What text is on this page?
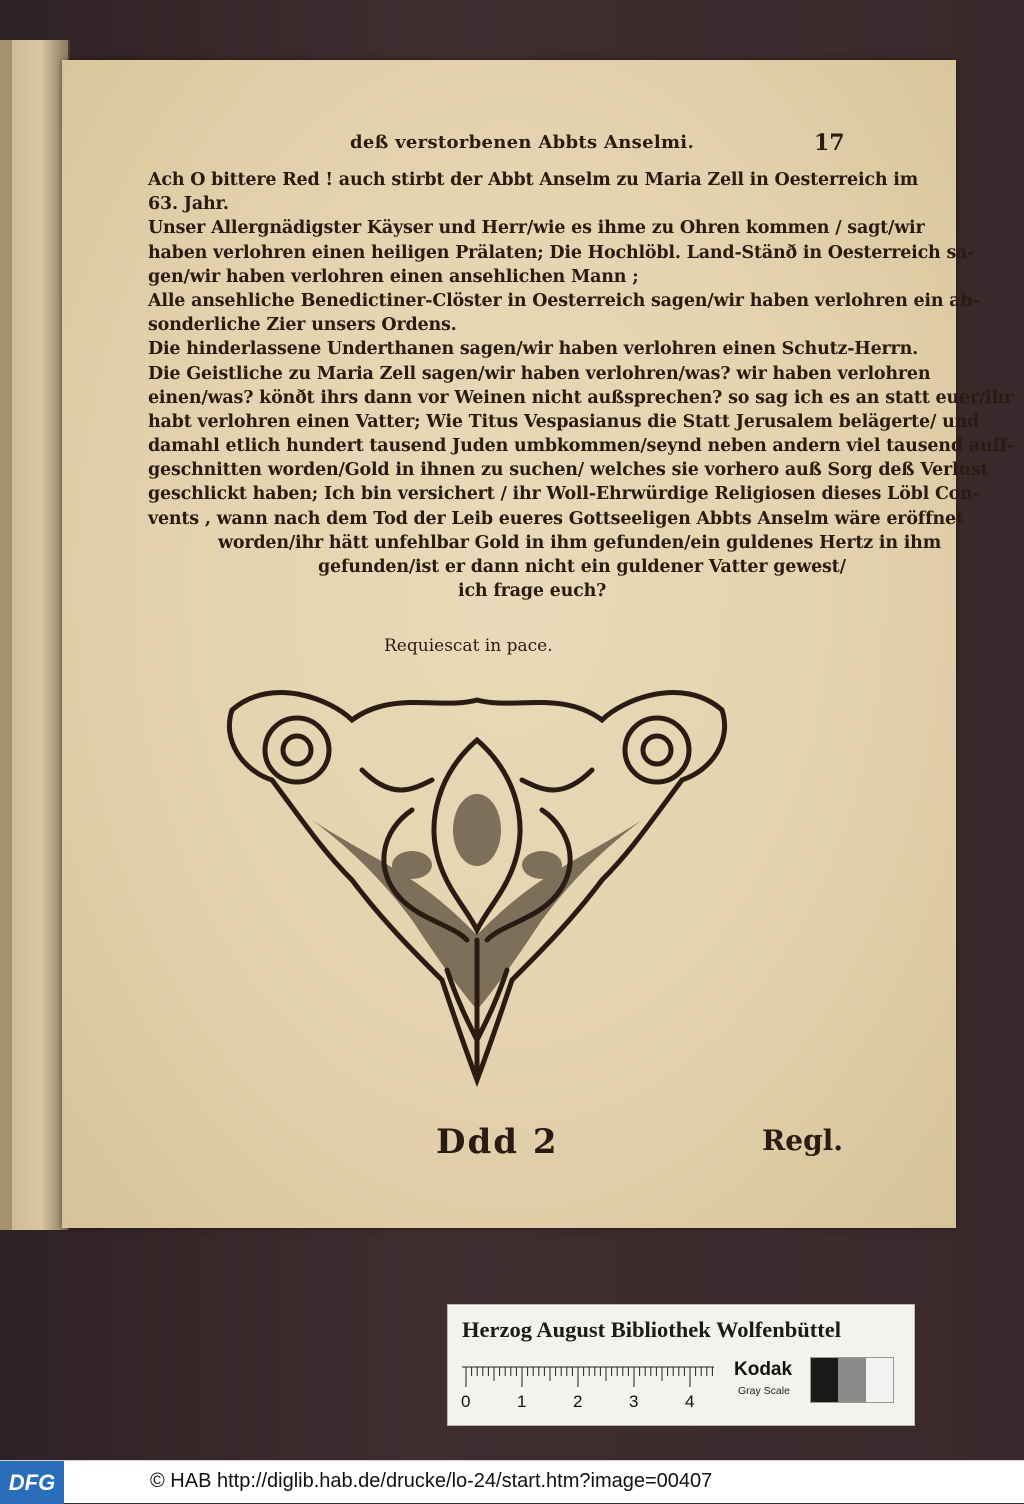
deß verstorbenen Abbts Anselmi.	17
Ach O bittere Red ! auch stirbt der Abbt Anselm zu Maria Zell in Oesterreich im
63. Jahr.
Unser Allergnädigster Käyser und Herr/wie es ihme zu Ohren kommen / sagt/wir
haben verlohren einen heiligen Prälaten; Die Hochlöbl. Land-Stänð in Oesterreich sa-
gen/wir haben verlohren einen ansehlichen Mann ;
Alle ansehliche Benedictiner-Clöster in Oesterreich sagen/wir haben verlohren ein ab-
sonderliche Zier unsers Ordens.
Die hinderlassene Underthanen sagen/wir haben verlohren einen Schutz-Herrn.
Die Geistliche zu Maria Zell sagen/wir haben verlohren/was? wir haben verlohren
einen/was? könðt ihrs dann vor Weinen nicht außsprechen? so sag ich es an statt euer/ihr
habt verlohren einen Vatter; Wie Titus Vespasianus die Statt Jerusalem belägerte/ und
damahl etlich hundert tausend Juden umbkommen/seynd neben andern viel tausend auff-
geschnitten worden/Gold in ihnen zu suchen/ welches sie vorhero auß Sorg deß Verlust
geschlickt haben; Ich bin versichert / ihr Woll-Ehrwürdige Religiosen dieses Löbl Con-
vents , wann nach dem Tod der Leib eueres Gottseeligen Abbts Anselm wäre eröffnet
worden/ihr hätt unfehlbar Gold in ihm gefunden/ein guldenes Hertz in ihm
gefunden/ist er dann nicht ein guldener Vatter gewest/
ich frage euch?
Requiescat in pace.
Ddd 2	Regl.
Herzog August Bibliothek Wolfenbüttel
0	1	2	3	4
Kodak
Gray Scale
DFG	© HAB http://diglib.hab.de/drucke/lo-24/start.htm?image=00407
